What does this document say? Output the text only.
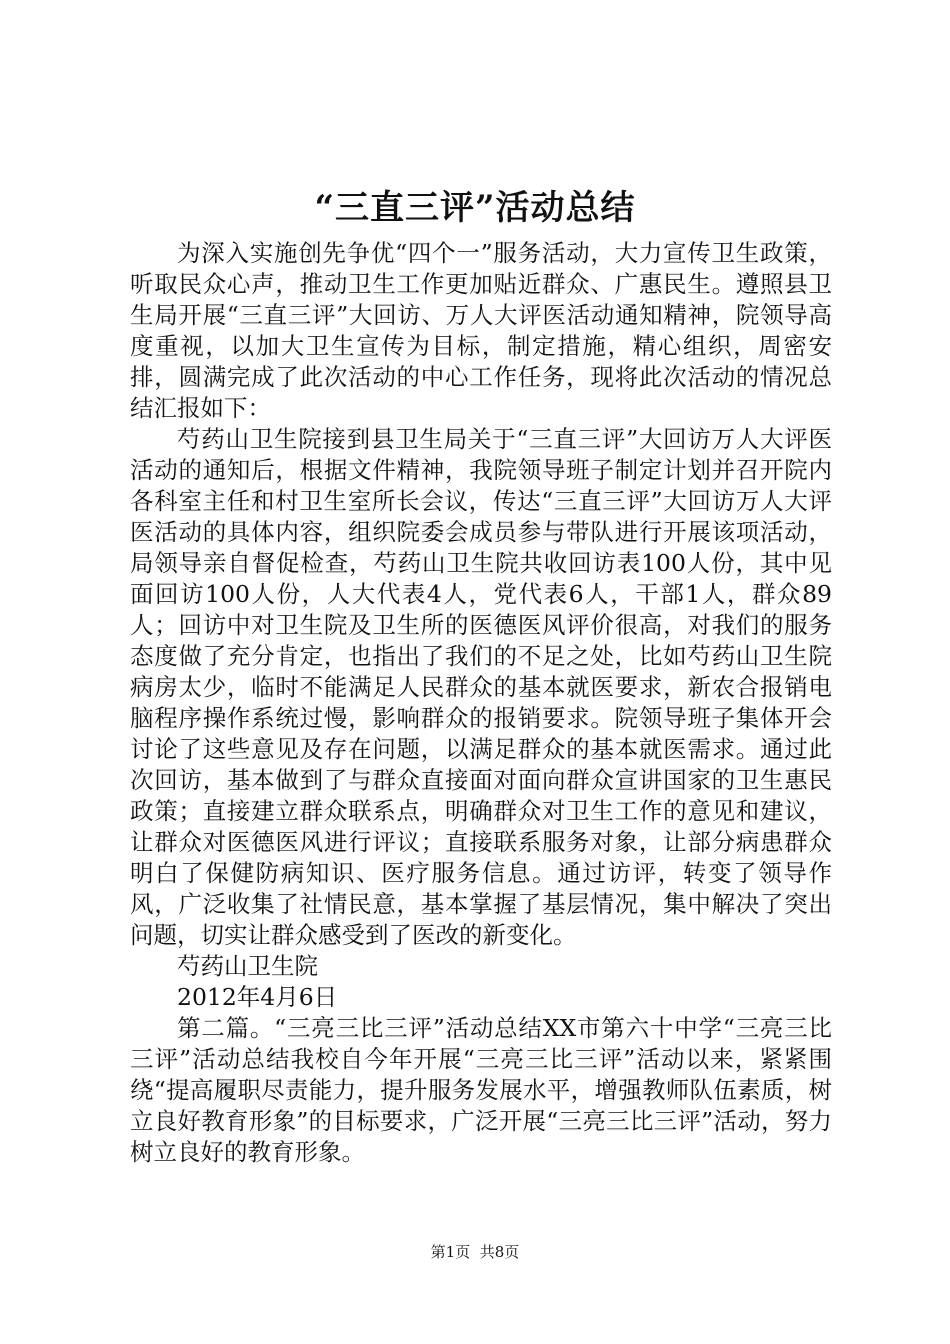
“三直三评”活动总结

为深入实施创先争优“四个一”服务活动，大力宣传卫生政策，听取民众心声，推动卫生工作更加贴近群众、广惠民生。遵照县卫生局开展“三直三评”大回访、万人大评医活动通知精神，院领导高度重视，以加大卫生宣传为目标，制定措施，精心组织，周密安排，圆满完成了此次活动的中心工作任务，现将此次活动的情况总结汇报如下：

芍药山卫生院接到县卫生局关于“三直三评”大回访万人大评医活动的通知后，根据文件精神，我院领导班子制定计划并召开院内各科室主任和村卫生室所长会议，传达“三直三评”大回访万人大评医活动的具体内容，组织院委会成员参与带队进行开展该项活动，局领导亲自督促检查，芍药山卫生院共收回访表100人份，其中见面回访100人份，人大代表4人，党代表6人，干部1人，群众89人；回访中对卫生院及卫生所的医德医风评价很高，对我们的服务态度做了充分肯定，也指出了我们的不足之处，比如芍药山卫生院病房太少，临时不能满足人民群众的基本就医要求，新农合报销电脑程序操作系统过慢，影响群众的报销要求。院领导班子集体开会讨论了这些意见及存在问题，以满足群众的基本就医需求。通过此次回访，基本做到了与群众直接面对面向群众宣讲国家的卫生惠民政策；直接建立群众联系点，明确群众对卫生工作的意见和建议，让群众对医德医风进行评议；直接联系服务对象，让部分病患群众明白了保健防病知识、医疗服务信息。通过访评，转变了领导作风，广泛收集了社情民意，基本掌握了基层情况，集中解决了突出问题，切实让群众感受到了医改的新变化。

芍药山卫生院

2012年4月6日

第二篇。“三亮三比三评”活动总结XX市第六十中学“三亮三比三评”活动总结我校自今年开展“三亮三比三评”活动以来，紧紧围绕“提高履职尽责能力，提升服务发展水平，增强教师队伍素质，树立良好教育形象”的目标要求，广泛开展“三亮三比三评”活动，努力树立良好的教育形象。

第1页 共8页
